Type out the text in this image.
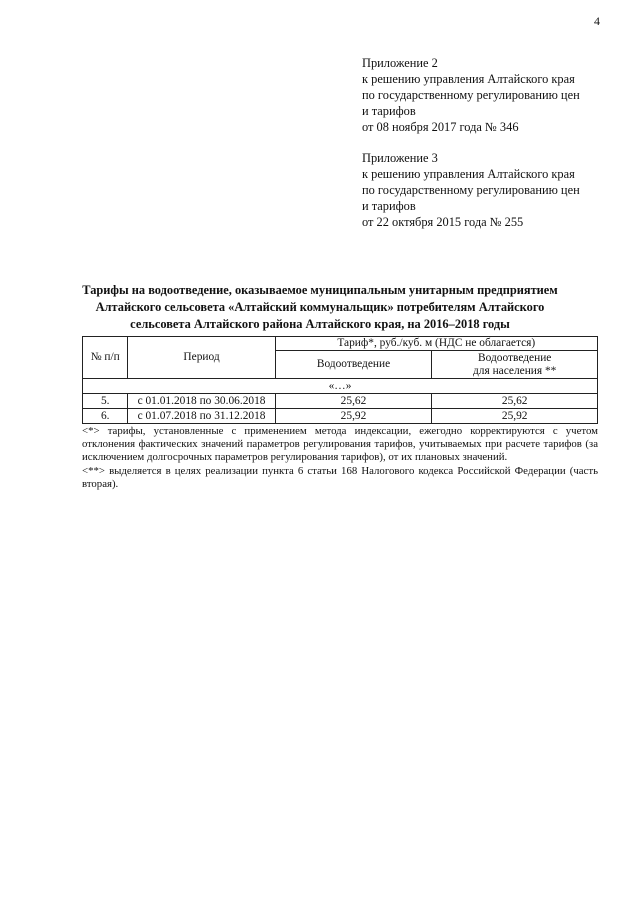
4
Приложение 2
к решению управления Алтайского края
по государственному регулированию цен
и тарифов
от 08 ноября 2017 года № 346
Приложение 3
к решению управления Алтайского края
по государственному регулированию цен
и тарифов
от 22 октября 2015 года № 255
Тарифы на водоотведение, оказываемое муниципальным унитарным предприятием
Алтайского сельсовета «Алтайский коммунальщик» потребителям Алтайского
сельсовета Алтайского района Алтайского края, на 2016–2018 годы
№ п/п	Период	Тариф*, руб./куб. м (НДС не облагается)	
		Водоотведение	Водоотведение
для населения **

«…»			
5.	с 01.01.2018 по 30.06.2018	25,62	25,62
6.	с 01.07.2018 по 31.12.2018	25,92	25,92

<*> тарифы, установленные с применением метода индексации, ежегодно корректируются с учетом отклонения фактических значений параметров регулирования тарифов, учитываемых при расчете тарифов (за исключением долгосрочных параметров регулирования тарифов), от их плановых значений.

<**> выделяется в целях реализации пункта 6 статьи 168 Налогового кодекса Российской Федерации (часть вторая).
